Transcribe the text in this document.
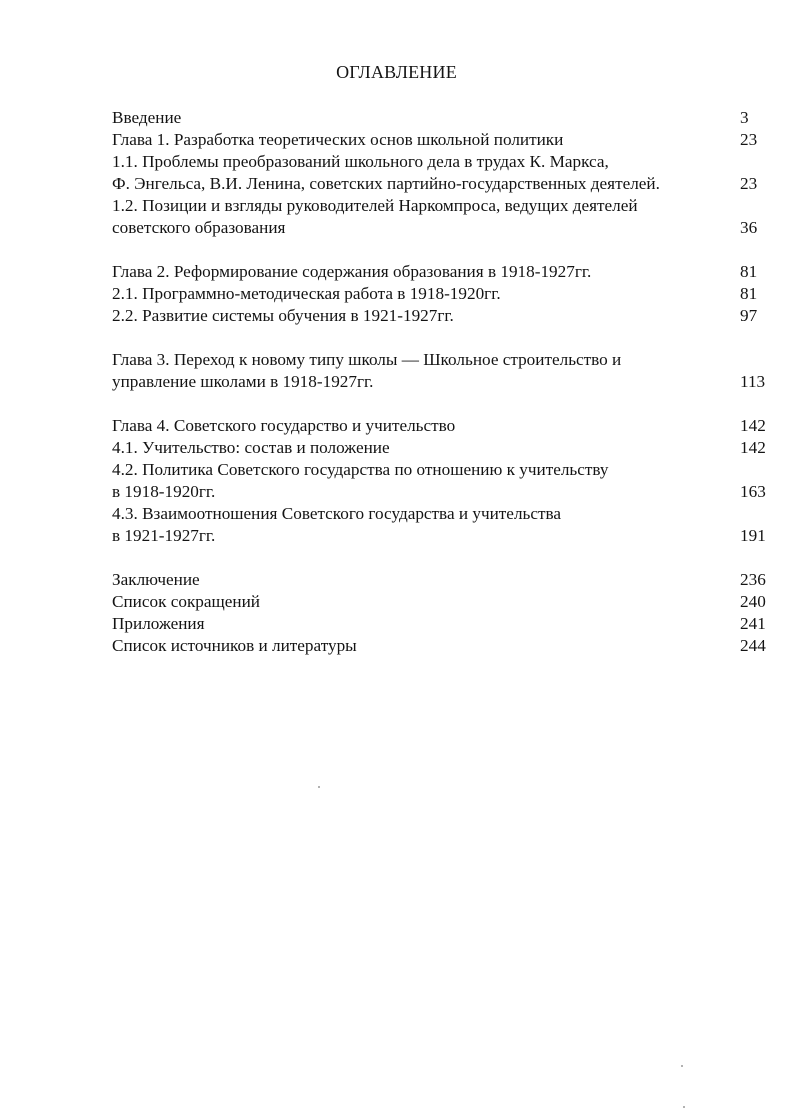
ОГЛАВЛЕНИЕ
Введение	3
Глава 1. Разработка теоретических основ школьной политики	23
1.1. Проблемы преобразований школьного дела в трудах К. Маркса,
Ф. Энгельса, В.И. Ленина, советских партийно-государственных деятелей.	23
1.2. Позиции и взгляды руководителей Наркомпроса, ведущих деятелей
советского образования	36
Глава 2. Реформирование содержания образования в 1918-1927гг.	81
2.1. Программно-методическая работа в 1918-1920гг.	81
2.2. Развитие системы обучения в 1921-1927гг.	97
Глава 3. Переход к новому типу школы — Школьное строительство и
управление школами в 1918-1927гг.	113
Глава 4. Советского государство и учительство	142
4.1. Учительство: состав и положение	142
4.2. Политика Советского государства по отношению к учительству
в 1918-1920гг.	163
4.3. Взаимоотношения Советского государства и учительства
в 1921-1927гг.	191
Заключение	236
Список сокращений	240
Приложения	241
Список источников и литературы	244
